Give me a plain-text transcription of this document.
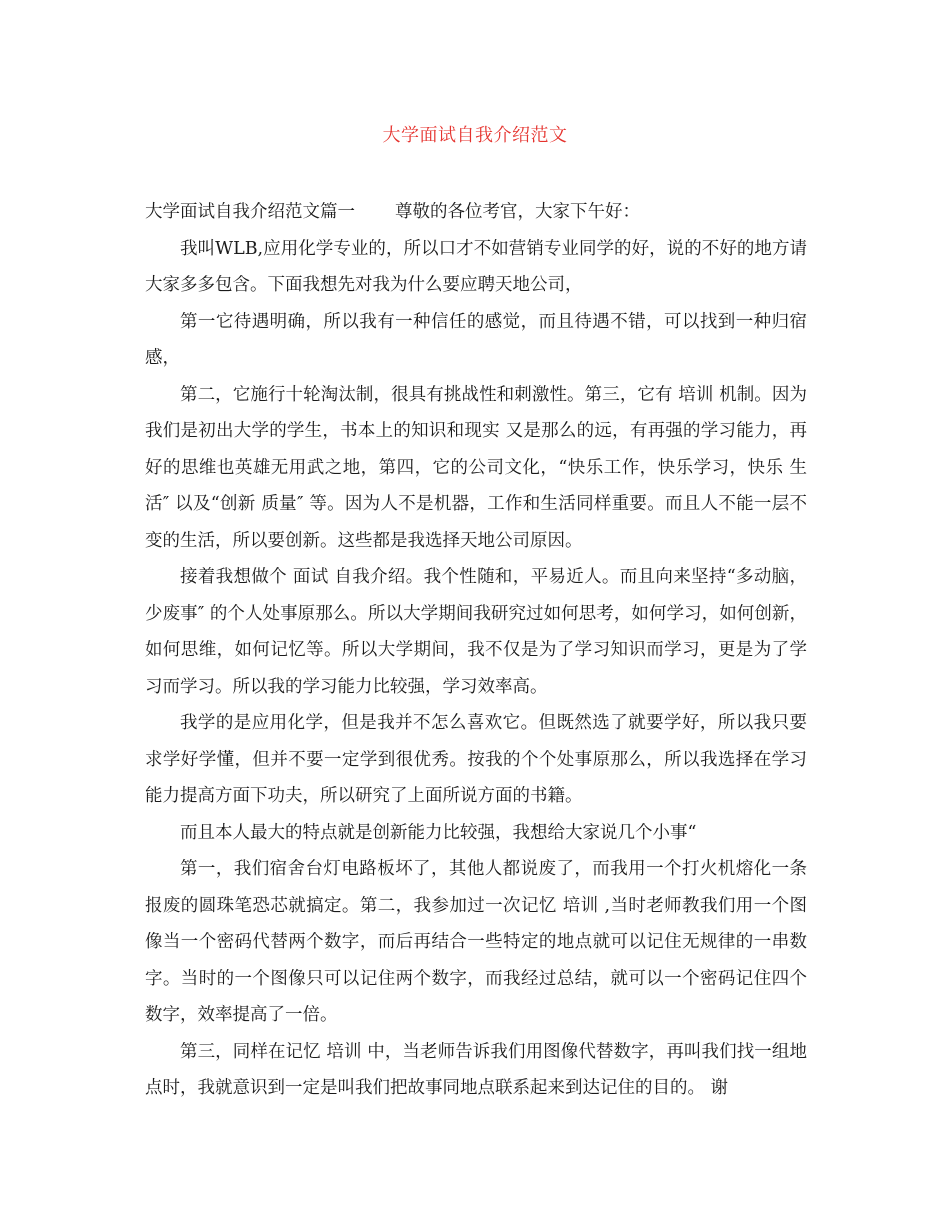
大学面试自我介绍范文

大学面试自我介绍范文篇一 尊敬的各位考官，大家下午好：

我叫WLB,应用化学专业的，所以口才不如营销专业同学的好，说的不好的地方请大家多多包含。下面我想先对我为什么要应聘天地公司，

第一它待遇明确，所以我有一种信任的感觉，而且待遇不错，可以找到一种归宿感，

第二，它施行十轮淘汰制，很具有挑战性和刺激性。第三，它有 培训 机制。因为我们是初出大学的学生，书本上的知识和现实 又是那么的远，有再强的学习能力，再好的思维也英雄无用武之地，第四，它的公司文化，“快乐工作，快乐学习，快乐 生活″ 以及“创新 质量″ 等。因为人不是机器，工作和生活同样重要。而且人不能一层不变的生活，所以要创新。这些都是我选择天地公司原因。

接着我想做个 面试 自我介绍。我个性随和，平易近人。而且向来坚持“多动脑，少废事″ 的个人处事原那么。所以大学期间我研究过如何思考，如何学习，如何创新，如何思维，如何记忆等。所以大学期间，我不仅是为了学习知识而学习，更是为了学习而学习。所以我的学习能力比较强，学习效率高。

我学的是应用化学，但是我并不怎么喜欢它。但既然选了就要学好，所以我只要求学好学懂，但并不要一定学到很优秀。按我的个个处事原那么，所以我选择在学习能力提高方面下功夫，所以研究了上面所说方面的书籍。

而且本人最大的特点就是创新能力比较强，我想给大家说几个小事“

第一，我们宿舍台灯电路板坏了，其他人都说废了，而我用一个打火机熔化一条报废的圆珠笔恐芯就搞定。第二，我参加过一次记忆 培训 ,当时老师教我们用一个图像当一个密码代替两个数字，而后再结合一些特定的地点就可以记住无规律的一串数字。当时的一个图像只可以记住两个数字，而我经过总结，就可以一个密码记住四个数字，效率提高了一倍。

第三，同样在记忆 培训 中，当老师告诉我们用图像代替数字，再叫我们找一组地点时，我就意识到一定是叫我们把故事同地点联系起来到达记住的目的。 谢
